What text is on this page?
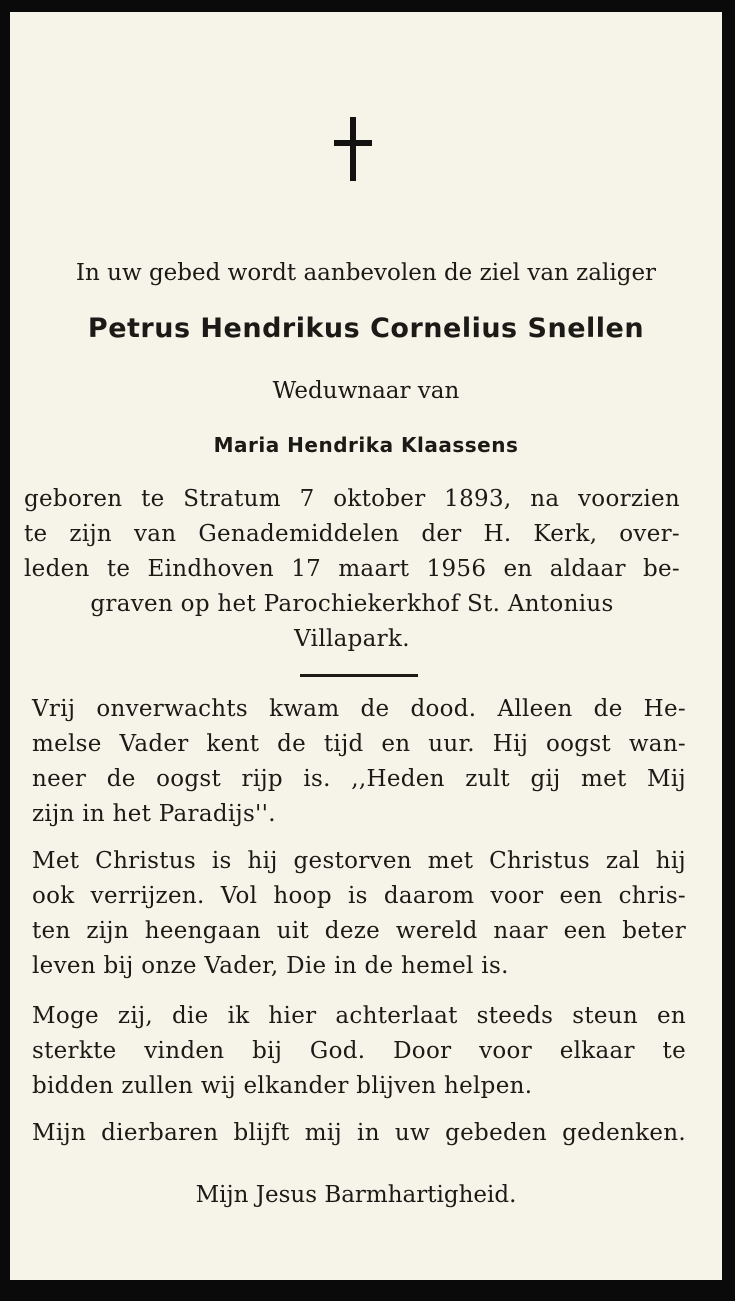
In uw gebed wordt aanbevolen de ziel van zaliger

Petrus Hendrikus Cornelius Snellen

Weduwnaar van

Maria Hendrika Klaassens

geboren te Stratum 7 oktober 1893, na voorzien
te zijn van Genademiddelen der H. Kerk, over-
leden te Eindhoven 17 maart 1956 en aldaar be-
graven op het Parochiekerkhof St. Antonius
Villapark.

Vrij onverwachts kwam de dood. Alleen de He-
melse Vader kent de tijd en uur. Hij oogst wan-
neer de oogst rijp is. ,,Heden zult gij met Mij
zijn in het Paradijs''.

Met Christus is hij gestorven met Christus zal hij
ook verrijzen. Vol hoop is daarom voor een chris-
ten zijn heengaan uit deze wereld naar een beter
leven bij onze Vader, Die in de hemel is.

Moge zij, die ik hier achterlaat steeds steun en
sterkte vinden bij God. Door voor elkaar te
bidden zullen wij elkander blijven helpen.

Mijn dierbaren blijft mij in uw gebeden gedenken.

Mijn Jesus Barmhartigheid.
